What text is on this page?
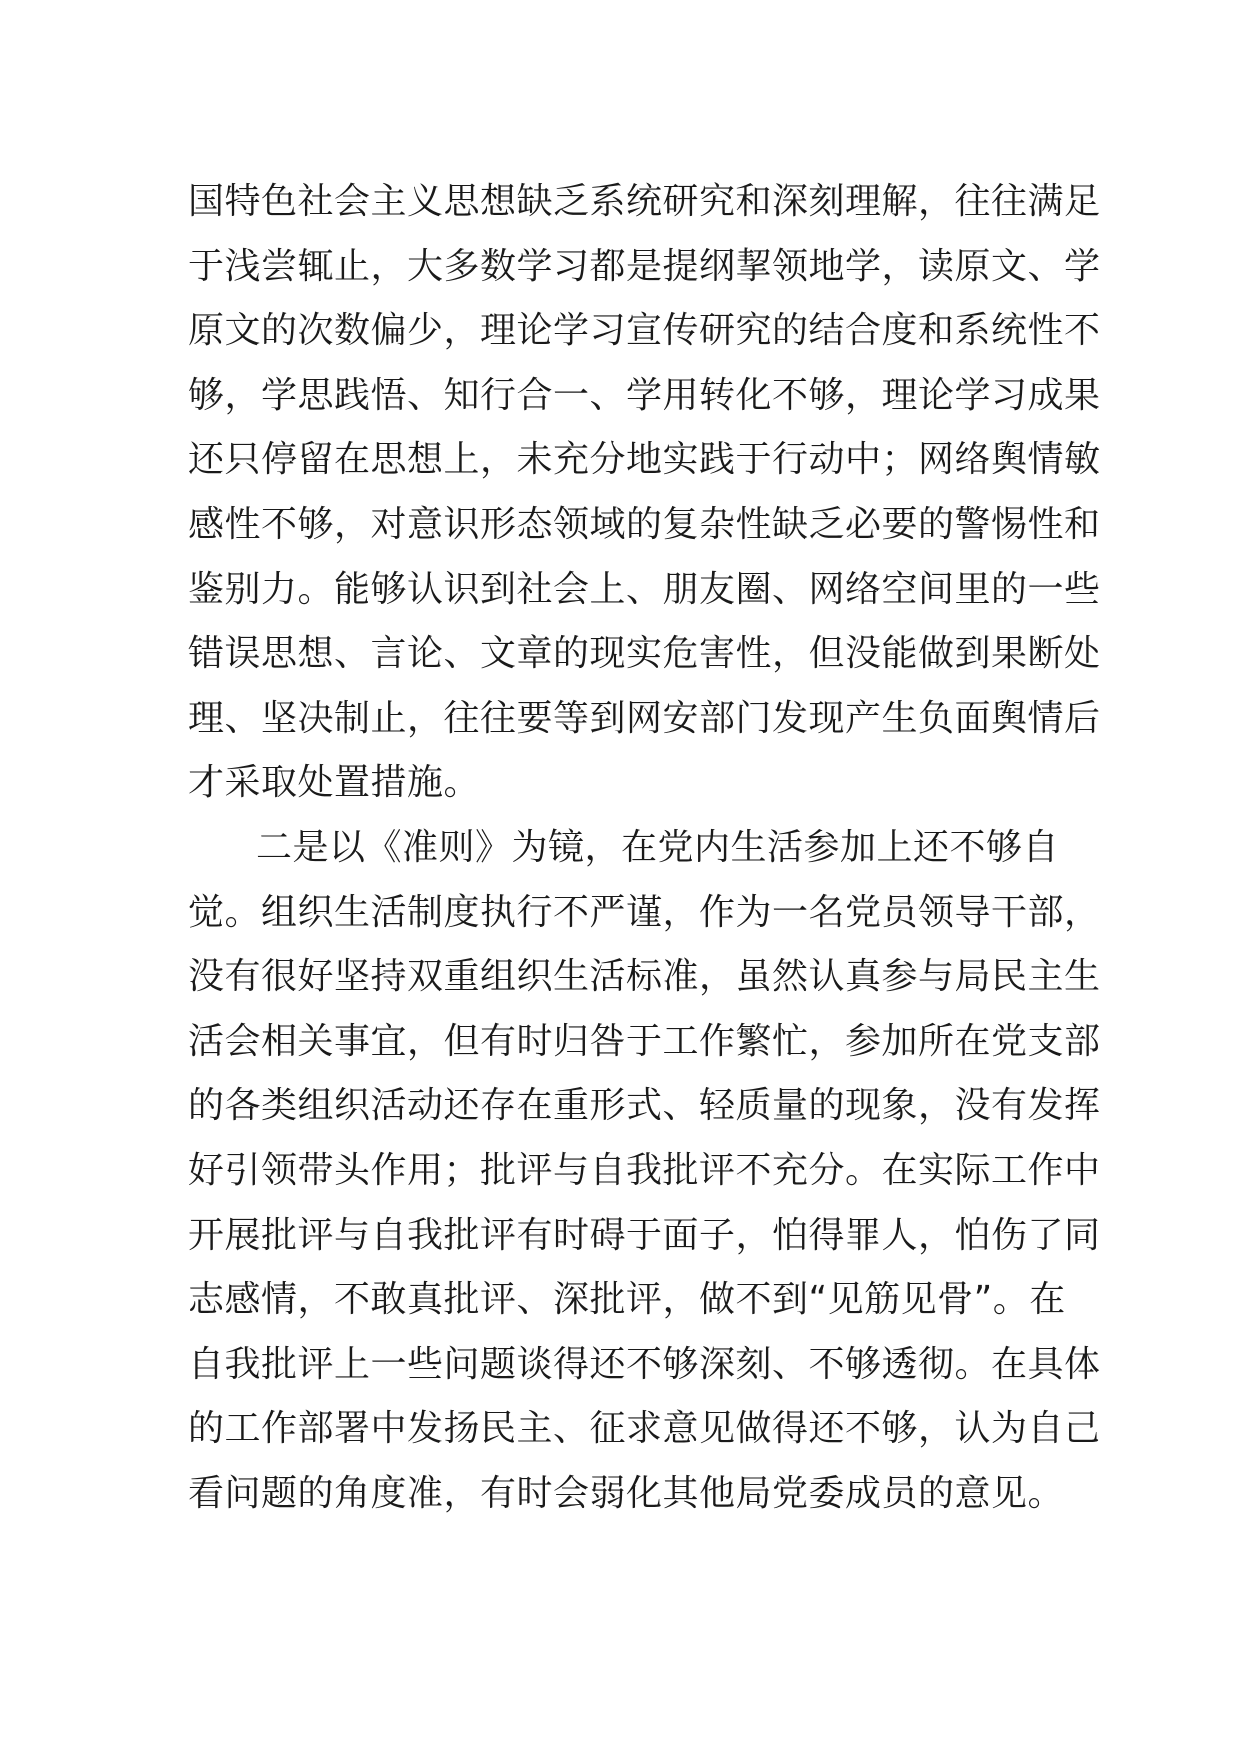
国特色社会主义思想缺乏系统研究和深刻理解，往往满足
于浅尝辄止，大多数学习都是提纲挈领地学，读原文、学
原文的次数偏少，理论学习宣传研究的结合度和系统性不
够，学思践悟、知行合一、学用转化不够，理论学习成果
还只停留在思想上，未充分地实践于行动中；网络舆情敏
感性不够，对意识形态领域的复杂性缺乏必要的警惕性和
鉴别力。能够认识到社会上、朋友圈、网络空间里的一些
错误思想、言论、文章的现实危害性，但没能做到果断处
理、坚决制止，往往要等到网安部门发现产生负面舆情后
才采取处置措施。
二是以《准则》为镜，在党内生活参加上还不够自
觉。组织生活制度执行不严谨，作为一名党员领导干部，
没有很好坚持双重组织生活标准，虽然认真参与局民主生
活会相关事宜，但有时归咎于工作繁忙，参加所在党支部
的各类组织活动还存在重形式、轻质量的现象，没有发挥
好引领带头作用；批评与自我批评不充分。在实际工作中
开展批评与自我批评有时碍于面子，怕得罪人，怕伤了同
志感情，不敢真批评、深批评，做不到“见筋见骨”。在
自我批评上一些问题谈得还不够深刻、不够透彻。在具体
的工作部署中发扬民主、征求意见做得还不够，认为自己
看问题的角度准，有时会弱化其他局党委成员的意见。
